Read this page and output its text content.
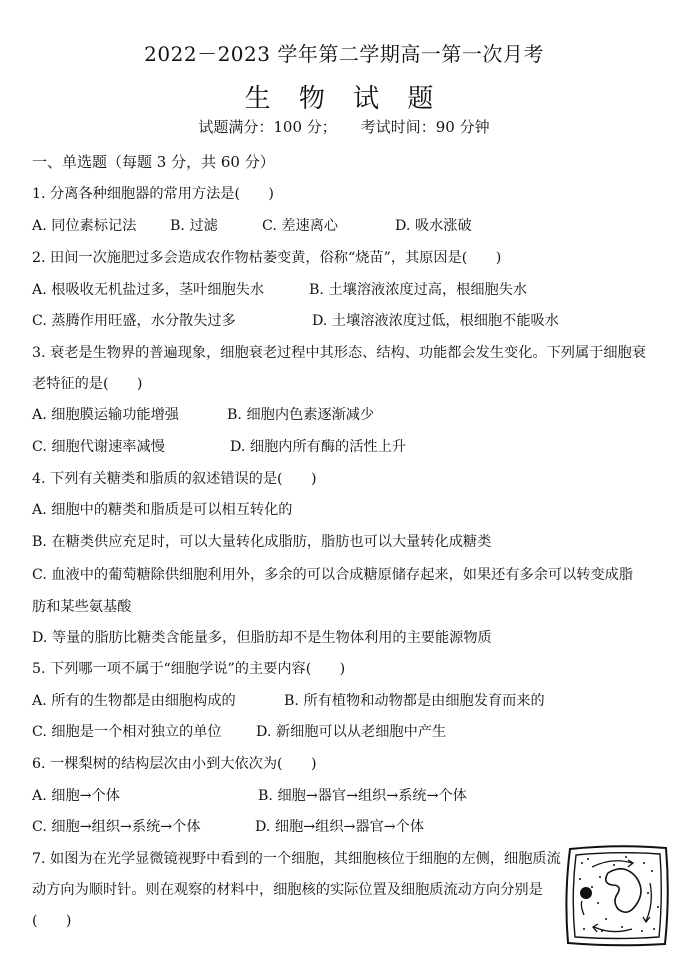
2022－2023 学年第二学期高一第一次月考
生 物 试 题
试题满分：100 分； 考试时间：90 分钟
一、单选题（每题 3 分，共 60 分）
1. 分离各种细胞器的常用方法是(　　)
A. 同位素标记法 B. 过滤	C. 差速离心	D. 吸水涨破
2. 田间一次施肥过多会造成农作物枯萎变黄，俗称“烧苗”，其原因是(　　)
A. 根吸收无机盐过多，茎叶细胞失水	B. 土壤溶液浓度过高，根细胞失水
C. 蒸腾作用旺盛，水分散失过多	D. 土壤溶液浓度过低，根细胞不能吸水
3. 衰老是生物界的普遍现象，细胞衰老过程中其形态、结构、功能都会发生变化。下列属于细胞衰
老特征的是(　　)
A. 细胞膜运输功能增强	B. 细胞内色素逐渐减少
C. 细胞代谢速率减慢	D. 细胞内所有酶的活性上升
4. 下列有关糖类和脂质的叙述错误的是(　　)
A. 细胞中的糖类和脂质是可以相互转化的
B. 在糖类供应充足时，可以大量转化成脂肪，脂肪也可以大量转化成糖类
C. 血液中的葡萄糖除供细胞利用外，多余的可以合成糖原储存起来，如果还有多余可以转变成脂
肪和某些氨基酸
D. 等量的脂肪比糖类含能量多，但脂肪却不是生物体利用的主要能源物质
5. 下列哪一项不属于“细胞学说”的主要内容(　　)
A. 所有的生物都是由细胞构成的	B. 所有植物和动物都是由细胞发育而来的
C. 细胞是一个相对独立的单位 D. 新细胞可以从老细胞中产生
6. 一棵梨树的结构层次由小到大依次为(　　)
A. 细胞→个体	B. 细胞→器官→组织→系统→个体
C. 细胞→组织→系统→个体	D. 细胞→组织→器官→个体
7. 如图为在光学显微镜视野中看到的一个细胞，其细胞核位于细胞的左侧，细胞质流
动方向为顺时针。则在观察的材料中，细胞核的实际位置及细胞质流动方向分别是
(　　)
